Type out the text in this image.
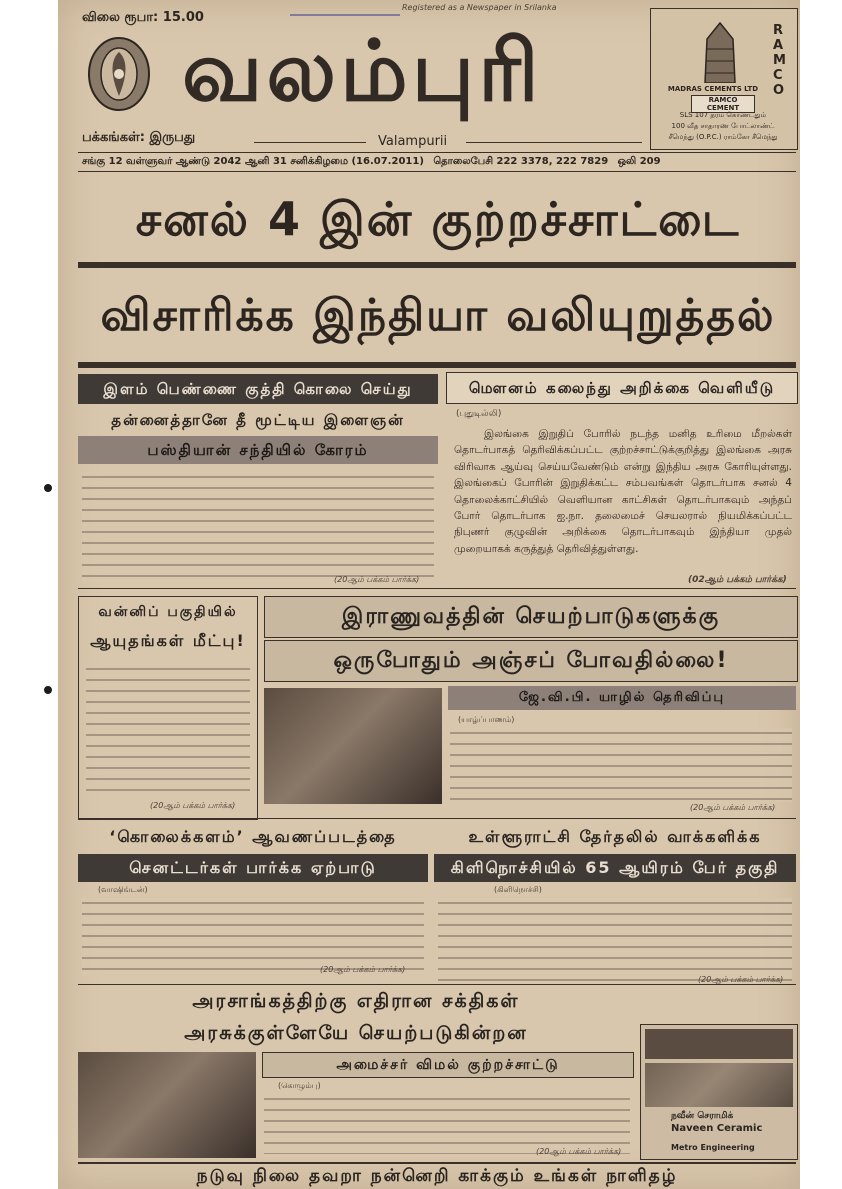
விலை ரூபா: 15.00
Registered as a Newspaper in Srilanka
வலம்புரி
பக்கங்கள்: இருபது	Valampurii
RAMCO
MADRAS CEMENTS LTD
RAMCO CEMENT
SLS 107 தரம் கொண்டதும்
100 வீத சாதாரண போட்லாண்ட்
சீமெந்து (O.P.C.) ராம்கோ சீமெந்து
சங்கு 12 வள்ளுவர் ஆண்டு 2042 ஆனி 31 சனிக்கிழமை (16.07.2011) தொலைபேசி 222 3378, 222 7829 ஒலி 209
சனல் 4 இன் குற்றச்சாட்டை
விசாரிக்க இந்தியா வலியுறுத்தல்
இளம் பெண்ணை குத்தி கொலை செய்து
தன்னைத்தானே தீ மூட்டிய இளைஞன்
பஸ்தியான் சந்தியில் கோரம்
(20ஆம் பக்கம் பார்க்க)
மௌனம் கலைந்து அறிக்கை வெளியீடு
(புதுடில்லி)
இலங்கை இறுதிப் போரில் நடந்த மனித உரிமை மீறல்கள் தொடர்பாகத் தெரிவிக்கப்பட்ட குற்றச்சாட்டுக்குறித்து இலங்கை அரசு விரிவாக ஆய்வு செய்யவேண்டும் என்று இந்திய அரசு கோரியுள்ளது. இலங்கைப் போரின் இறுதிக்கட்ட சம்பவங்கள் தொடர்பாக சனல் 4 தொலைக்காட்சியில் வெளியான காட்சிகள் தொடர்பாகவும் அந்தப் போர் தொடர்பாக ஐ.நா. தலைமைச் செயலரால் நியமிக்கப்பட்ட நிபுணர் குழுவின் அறிக்கை தொடர்பாகவும் இந்தியா முதல் முறையாகக் கருத்துத் தெரிவித்துள்ளது.
(02ஆம் பக்கம் பார்க்க)
வன்னிப் பகுதியில்
ஆயுதங்கள் மீட்பு!
(20ஆம் பக்கம் பார்க்க)
இராணுவத்தின் செயற்பாடுகளுக்கு
ஒருபோதும் அஞ்சப் போவதில்லை!
ஜே.வி.பி. யாழில் தெரிவிப்பு
(யாழ்ப்பாணம்)
(20ஆம் பக்கம் பார்க்க)
‘கொலைக்களம்’ ஆவணப்படத்தை
செனட்டர்கள் பார்க்க ஏற்பாடு
(வாஷிங்டன்)
(20ஆம் பக்கம் பார்க்க)
உள்ளூராட்சி தேர்தலில் வாக்களிக்க
கிளிநொச்சியில் 65 ஆயிரம் பேர் தகுதி
(கிளிநொச்சி)
(20ஆம் பக்கம் பார்க்க)
அரசாங்கத்திற்கு எதிரான சக்திகள்
அரசுக்குள்ளேயே செயற்படுகின்றன
அமைச்சர் விமல் குற்றச்சாட்டு
(கொழும்பு)
(20ஆம் பக்கம் பார்க்க)
நவீன் செராமிக்
Naveen Ceramic
Metro Engineering
நடுவு நிலை தவறா நன்னெறி காக்கும் உங்கள் நாளிதழ்
